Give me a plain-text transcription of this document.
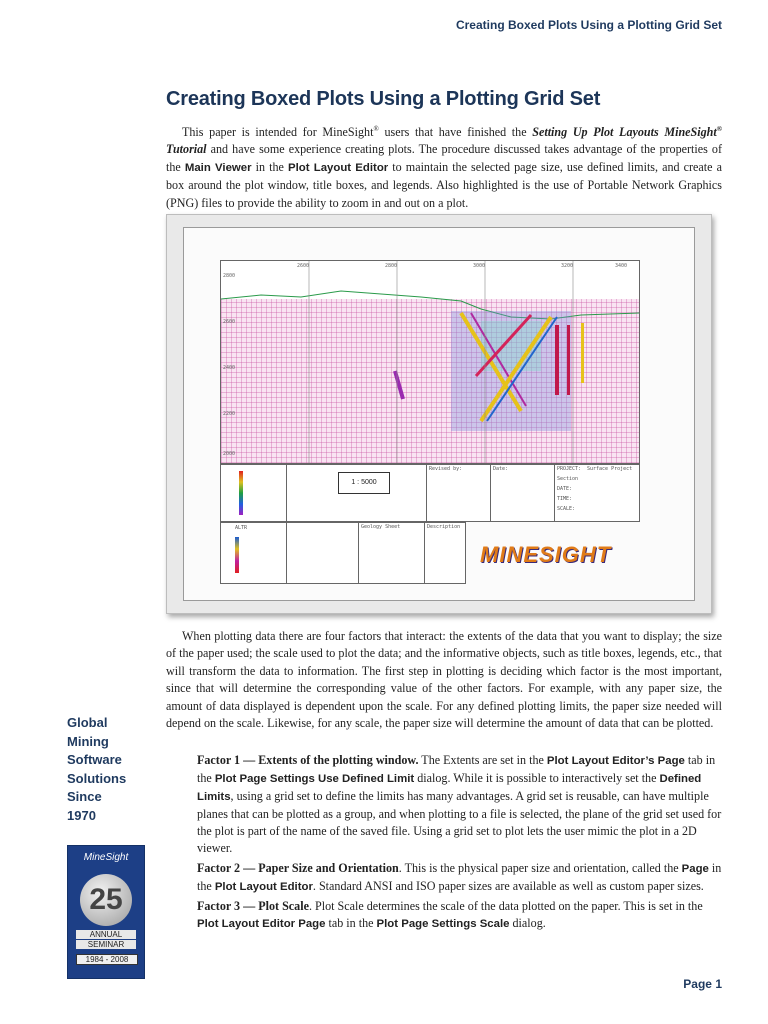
Creating Boxed Plots Using a Plotting Grid Set
Creating Boxed Plots Using a Plotting Grid Set

This paper is intended for MineSight® users that have finished the Setting Up Plot Layouts MineSight® Tutorial and have some experience creating plots. The procedure discussed takes advantage of the properties of the Main Viewer in the Plot Layout Editor to maintain the selected page size, use defined limits, and create a box around the plot window, title boxes, and legends. Also highlighted is the use of Portable Network Graphics (PNG) files to provide the ability to zoom in and out on a plot.

2800
2600
2400
2200
2000
2600	2800	3000	3200	3400
1 : 5000
Revised by:	Date:	PROJECT: Surface Project
Section
DATE:
TIME:
SCALE:
ALTR	Geology Sheet	Description
MINESIGHT

When plotting data there are four factors that interact: the extents of the data that you want to display; the size of the paper used; the scale used to plot the data; and the informative objects, such as title boxes, legends, etc., that will transform the data to information. The first step in plotting is deciding which factor is the most important, since that will determine the corresponding value of the other factors. For example, with any paper size, the amount of data displayed is dependent upon the scale. For any defined plotting limits, the paper size needed will depend on the scale. Likewise, for any scale, the paper size will determine the amount of data that can be plotted.

Factor 1 — Extents of the plotting window. The Extents are set in the Plot Layout Editor’s Page tab in the Plot Page Settings Use Defined Limit dialog. While it is possible to interactively set the Defined Limits, using a grid set to define the limits has many advantages. A grid set is reusable, can have multiple planes that can be plotted as a group, and when plotting to a file is selected, the plane of the grid set used for the plot is part of the name of the saved file. Using a grid set to plot lets the user mimic the plot in a 2D viewer.

Factor 2 — Paper Size and Orientation. This is the physical paper size and orientation, called the Page in the Plot Layout Editor. Standard ANSI and ISO paper sizes are available as well as custom paper sizes.

Factor 3 — Plot Scale. Plot Scale determines the scale of the data plotted on the paper. This is set in the Plot Layout Editor Page tab in the Plot Page Settings Scale dialog.

Global
Mining
Software
Solutions
Since
1970
MineSight
25
ANNUAL
SEMINAR
1984 - 2008
Page 1
